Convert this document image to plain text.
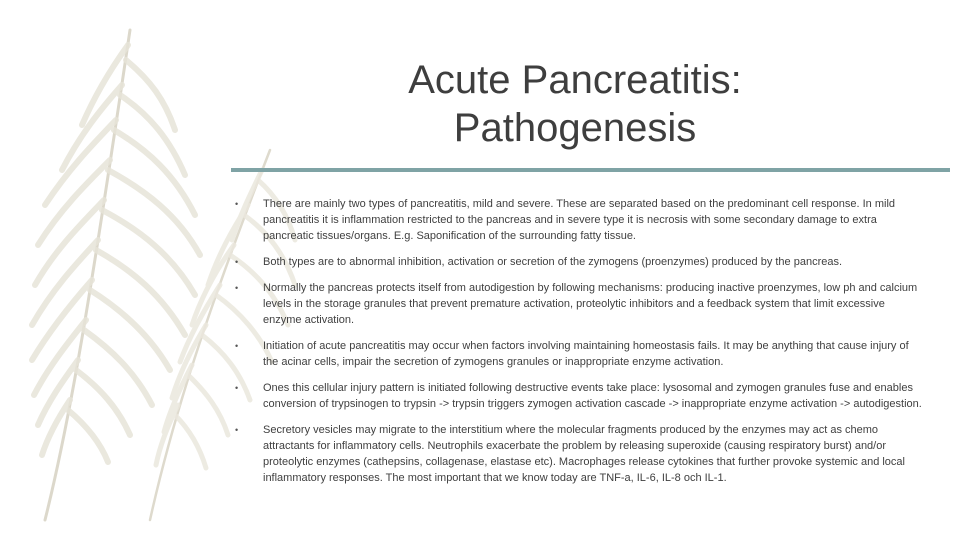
Acute Pancreatitis:
Pathogenesis
• There are mainly two types of pancreatitis, mild and severe. These are separated based on the predominant cell response. In mild pancreatitis it is inflammation restricted to the pancreas and in severe type it is necrosis with some secondary damage to extra pancreatic tissues/organs. E.g. Saponification of the surrounding fatty tissue.
• Both types are to abnormal inhibition, activation or secretion of the zymogens (proenzymes) produced by the pancreas.
• Normally the pancreas protects itself from autodigestion by following mechanisms: producing inactive proenzymes, low ph and calcium levels in the storage granules that prevent premature activation, proteolytic inhibitors and a feedback system that limit excessive enzyme activation.
• Initiation of acute pancreatitis may occur when factors involving maintaining homeostasis fails. It may be anything that cause injury of the acinar cells, impair the secretion of zymogens granules or inappropriate enzyme activation.
• Ones this cellular injury pattern is initiated following destructive events take place: lysosomal and zymogen granules fuse and enables conversion of trypsinogen to trypsin -> trypsin triggers zymogen activation cascade -> inappropriate enzyme activation -> autodigestion.
• Secretory vesicles may migrate to the interstitium where the molecular fragments produced by the enzymes may act as chemo attractants for inflammatory cells. Neutrophils exacerbate the problem by releasing superoxide (causing respiratory burst) and/or proteolytic enzymes (cathepsins, collagenase, elastase etc). Macrophages release cytokines that further provoke systemic and local inflammatory responses. The most important that we know today are TNF-a, IL-6, IL-8 och IL-1.
